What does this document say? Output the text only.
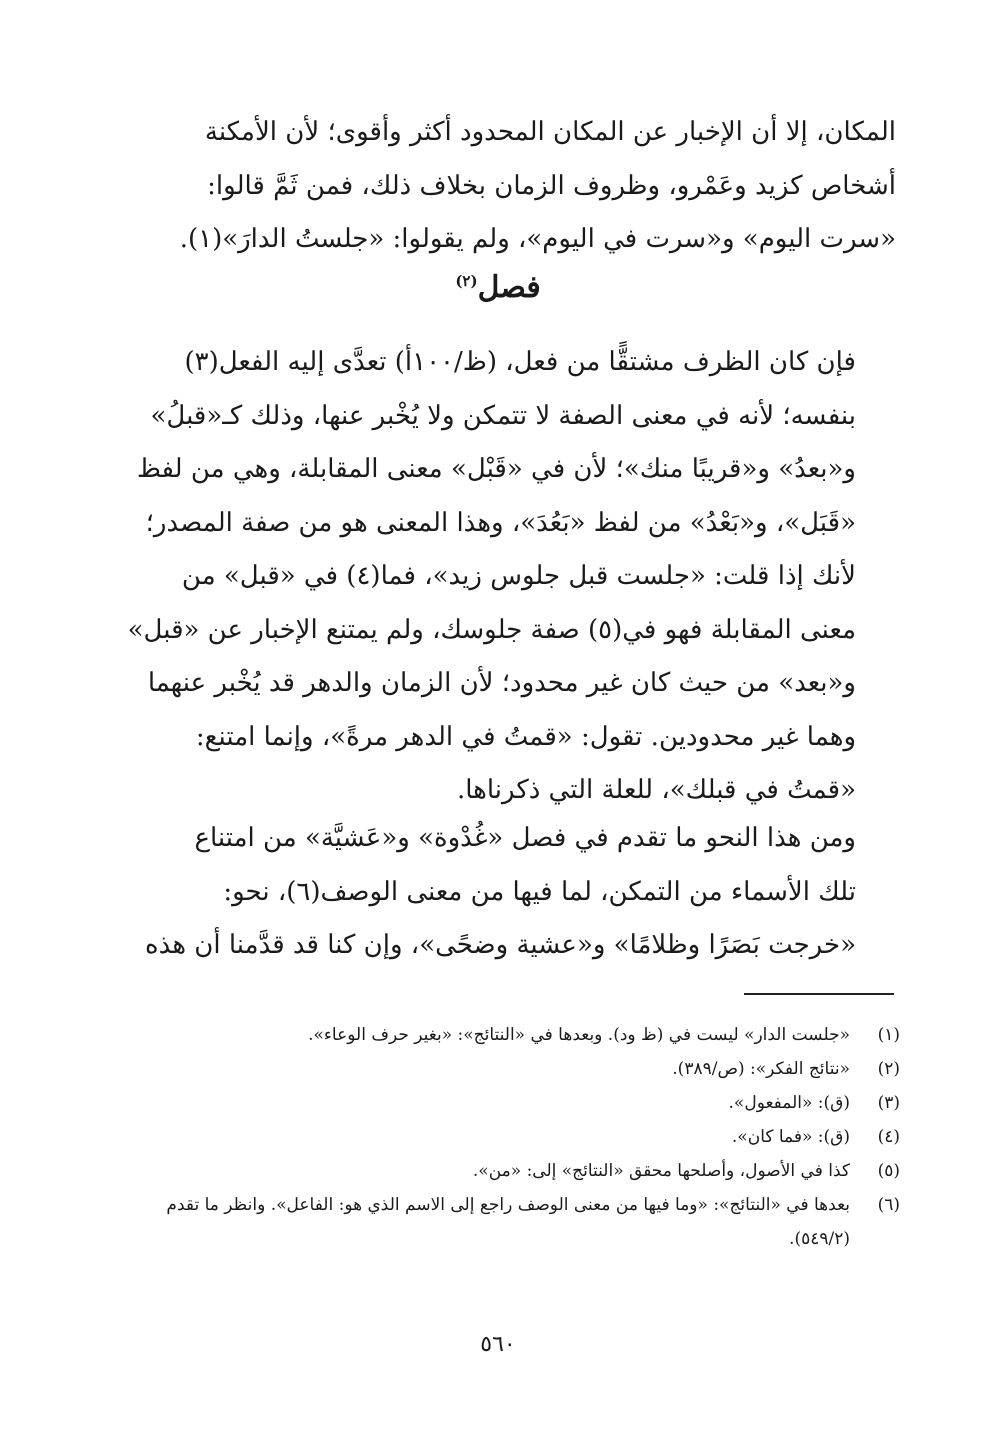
المكان، إلا أن الإخبار عن المكان المحدود أكثر وأقوى؛ لأن الأمكنة

أشخاص كزيد وعَمْرو، وظروف الزمان بخلاف ذلك، فمن ثَمَّ قالوا:

«سرت اليوم» و«سرت في اليوم»، ولم يقولوا: «جلستُ الدارَ»(١).

فصل$^{(٢)}$

فإن كان الظرف مشتقًّا من فعل، (ظ/١٠٠أ) تعدَّى إليه الفعل(٣)

بنفسه؛ لأنه في معنى الصفة لا تتمكن ولا يُخْبر عنها، وذلك كـ«قبلُ»

و«بعدُ» و«قريبًا منك»؛ لأن في «قَبْل» معنى المقابلة، وهي من لفظ

«قَبَل»، و«بَعْدُ» من لفظ «بَعُدَ»، وهذا المعنى هو من صفة المصدر؛

لأنك إذا قلت: «جلست قبل جلوس زيد»، فما(٤) في «قبل» من

معنى المقابلة فهو في(٥) صفة جلوسك، ولم يمتنع الإخبار عن «قبل»

و«بعد» من حيث كان غير محدود؛ لأن الزمان والدهر قد يُخْبر عنهما

وهما غير محدودين. تقول: «قمتُ في الدهر مرةً»، وإنما امتنع:

«قمتُ في قبلك»، للعلة التي ذكرناها.

ومن هذا النحو ما تقدم في فصل «غُدْوة» و«عَشيَّة» من امتناع

تلك الأسماء من التمكن، لما فيها من معنى الوصف(٦)، نحو:

«خرجت بَصَرًا وظلامًا» و«عشية وضحًى»، وإن كنا قد قدَّمنا أن هذه

(١)
«جلست الدار» ليست في (ظ ود). وبعدها في «النتائج»: «بغير حرف الوعاء».
(٢)
«نتائج الفكر»: (ص/٣٨٩).
(٣)
(ق): «المفعول».
(٤)
(ق): «فما كان».
(٥)
كذا في الأصول، وأصلحها محقق «النتائج» إلى: «من».
(٦)
بعدها في «النتائج»: «وما فيها من معنى الوصف راجع إلى الاسم الذي هو: الفاعل». وانظر ما تقدم (٥٤٩/٢).
٥٦٠
